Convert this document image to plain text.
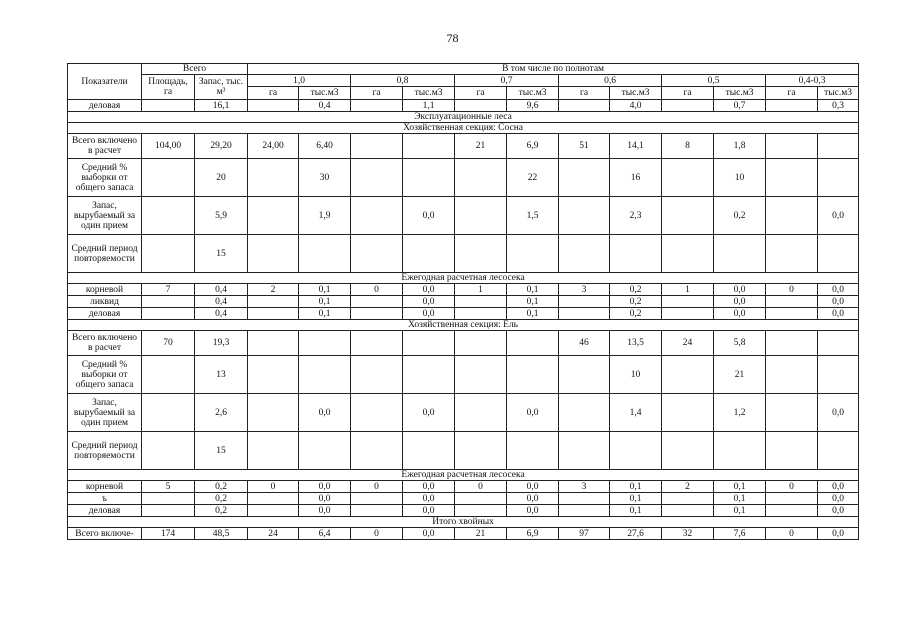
78
Показатели	Всего		В том числе по полнотам											
	Площадь, га	Запас, тыс. м³	1,0		0,8		0,7		0,6		0,5		0,4-0,3	
			га	тыс.м3	га	тыс.м3	га	тыс.м3	га	тыс.м3	га	тыс.м3	га	тыс.м3
деловая		16,1		0,4		1,1		9,6		4,0		0,7		0,3
Эксплуатационные леса														
Хозяйственная секция: Сосна														
Всего включено в расчет	104,00	29,20	24,00	6,40			21	6,9	51	14,1	8	1,8		
Средний % выборки от общего запаса		20		30				22		16		10		
Запас, вырубаемый за один прием		5,9		1,9		0,0		1,5		2,3		0,2		0,0
Средний период повторяемости		15												
Ежегодная расчетная лесосека														
корневой	7	0,4	2	0,1	0	0,0	1	0,1	3	0,2	1	0,0	0	0,0
ликвид		0,4		0,1		0,0		0,1		0,2		0,0		0,0
деловая		0,4		0,1		0,0		0,1		0,2		0,0		0,0
Хозяйственная секция: Ель														
Всего включено в расчет	70	19,3							46	13,5	24	5,8		
Средний % выборки от общего запаса		13								10		21		
Запас, вырубаемый за один прием		2,6		0,0		0,0		0,0		1,4		1,2		0,0
Средний период повторяемости		15												
Ежегодная расчетная лесосека														
корневой	5	0,2	0	0,0	0	0,0	0	0,0	3	0,1	2	0,1	0	0,0
ъ		0,2		0,0		0,0		0,0		0,1		0,1		0,0
деловая		0,2		0,0		0,0		0,0		0,1		0,1		0,0
Итого хвойных														
Всего включе-	174	48,5	24	6,4	0	0,0	21	6,9	97	27,6	32	7,6	0	0,0
